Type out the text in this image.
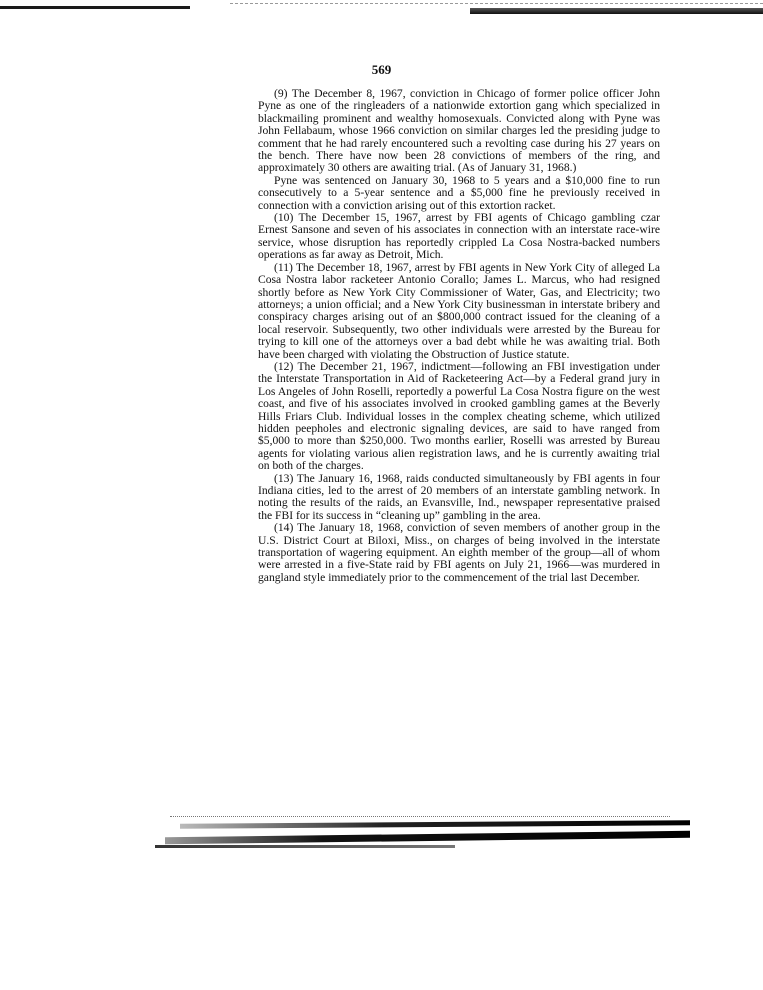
569

(9) The December 8, 1967, conviction in Chicago of former police officer John Pyne as one of the ringleaders of a nationwide extortion gang which specialized in blackmailing prominent and wealthy homosexuals. Convicted along with Pyne was John Fellabaum, whose 1966 conviction on similar charges led the presiding judge to comment that he had rarely encountered such a revolting case during his 27 years on the bench. There have now been 28 convictions of members of the ring, and approximately 30 others are awaiting trial. (As of January 31, 1968.)

Pyne was sentenced on January 30, 1968 to 5 years and a $10,000 fine to run consecutively to a 5-year sentence and a $5,000 fine he previously received in connection with a conviction arising out of this extortion racket.

(10) The December 15, 1967, arrest by FBI agents of Chicago gambling czar Ernest Sansone and seven of his associates in connection with an interstate race-wire service, whose disruption has reportedly crippled La Cosa Nostra-backed numbers operations as far away as Detroit, Mich.

(11) The December 18, 1967, arrest by FBI agents in New York City of alleged La Cosa Nostra labor racketeer Antonio Corallo; James L. Marcus, who had resigned shortly before as New York City Commissioner of Water, Gas, and Electricity; two attorneys; a union official; and a New York City businessman in interstate bribery and conspiracy charges arising out of an $800,000 contract issued for the cleaning of a local reservoir. Subsequently, two other individuals were arrested by the Bureau for trying to kill one of the attorneys over a bad debt while he was awaiting trial. Both have been charged with violating the Obstruction of Justice statute.

(12) The December 21, 1967, indictment—following an FBI investigation under the Interstate Transportation in Aid of Racketeering Act—by a Federal grand jury in Los Angeles of John Roselli, reportedly a powerful La Cosa Nostra figure on the west coast, and five of his associates involved in crooked gambling games at the Beverly Hills Friars Club. Individual losses in the complex cheating scheme, which utilized hidden peepholes and electronic signaling devices, are said to have ranged from $5,000 to more than $250,000. Two months earlier, Roselli was arrested by Bureau agents for violating various alien registration laws, and he is currently awaiting trial on both of the charges.

(13) The January 16, 1968, raids conducted simultaneously by FBI agents in four Indiana cities, led to the arrest of 20 members of an interstate gambling network. In noting the results of the raids, an Evansville, Ind., newspaper representative praised the FBI for its success in “cleaning up” gambling in the area.

(14) The January 18, 1968, conviction of seven members of another group in the U.S. District Court at Biloxi, Miss., on charges of being involved in the interstate transportation of wagering equipment. An eighth member of the group—all of whom were arrested in a five-State raid by FBI agents on July 21, 1966—was murdered in gangland style immediately prior to the commencement of the trial last December.
